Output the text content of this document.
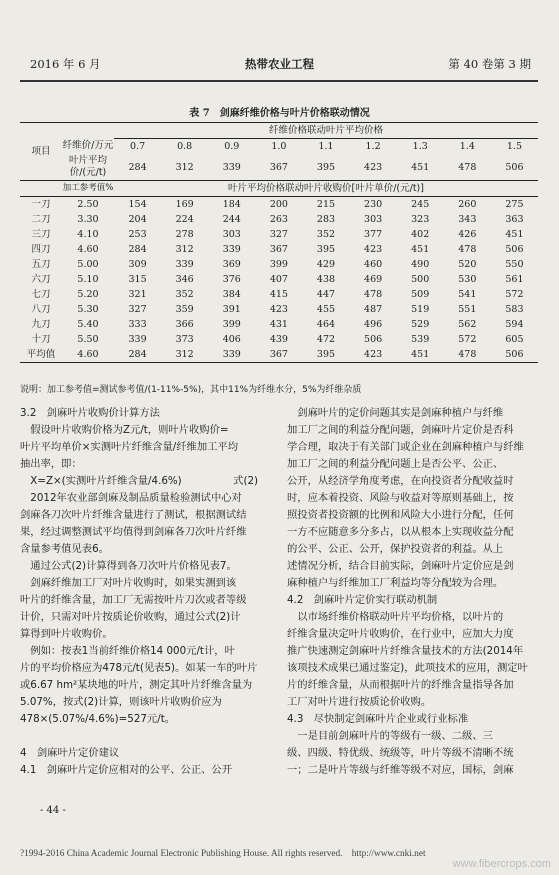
2016 年 6 月	热带农业工程	第 40 卷第 3 期
表 7　剑麻纤维价格与叶片价格联动情况
项目		纤维价格联动叶片平均价格								
	纤维价/万元	0.7	0.8	0.9	1.0	1.1	1.2	1.3	1.4	1.5
	叶片平均价/(元/t)	284	312	339	367	395	423	451	478	506
	加工参考值%	叶片平均价格联动叶片收购价[叶片单价/(元/t)]								
一刀	2.50	154	169	184	200	215	230	245	260	275
二刀	3.30	204	224	244	263	283	303	323	343	363
三刀	4.10	253	278	303	327	352	377	402	426	451
四刀	4.60	284	312	339	367	395	423	451	478	506
五刀	5.00	309	339	369	399	429	460	490	520	550
六刀	5.10	315	346	376	407	438	469	500	530	561
七刀	5.20	321	352	384	415	447	478	509	541	572
八刀	5.30	327	359	391	423	455	487	519	551	583
九刀	5.40	333	366	399	431	464	496	529	562	594
十刀	5.50	339	373	406	439	472	506	539	572	605
平均值	4.60	284	312	339	367	395	423	451	478	506
说明：加工参考值=测试参考值/(1-11%-5%)，其中11%为纤维水分，5%为纤维杂质

3.2　剑麻叶片收购价计算方法

　假设叶片收购价格为Z元/t，则叶片收购价=

叶片平均单价×实测叶片纤维含量/纤维加工平均

抽出率，即：

　X=Z×(实测叶片纤维含量/4.6%)　　　　　式(2)

　2012年农业部剑麻及制品质量检验测试中心对

剑麻各刀次叶片纤维含量进行了测试，根据测试结

果，经过调整测试平均值得到剑麻各刀次叶片纤维

含量参考值见表6。

　通过公式(2)计算得到各刀次叶片价格见表7。

　剑麻纤维加工厂对叶片收购时，如果实测到该

叶片的纤维含量，加工厂无需按叶片刀次或者等级

计价，只需对叶片按质论价收购，通过公式(2)计

算得到叶片收购价。

　例如：按表1当前纤维价格14 000元/t计，叶

片的平均价格应为478元/t(见表5)。如某一车的叶片

或6.67 hm²某块地的叶片，测定其叶片纤维含量为

5.07%，按式(2)计算，则该叶片收购价应为

478×(5.07%/4.6%)=527元/t。

4　剑麻叶片定价建议

4.1　剑麻叶片定价应相对的公平、公正、公开

　剑麻叶片的定价问题其实是剑麻种植户与纤维

加工厂之间的利益分配问题，剑麻叶片定价是否科

学合理，取决于有关部门或企业在剑麻种植户与纤维

加工厂之间的利益分配问题上是否公平、公正、

公开，从经济学角度考虑，在向投资者分配收益时

时，应本着投资、风险与收益对等原则基础上，按

照投资者投资额的比例和风险大小进行分配，任何

一方不应随意多分多占，以从根本上实现收益分配

的公平、公正、公开，保护投资者的利益。从上

述情况分析，结合目前实际，剑麻叶片定价应是剑

麻种植户与纤维加工厂利益均等分配较为合理。

4.2　剑麻叶片定价实行联动机制

　以市场纤维价格联动叶片平均价格，以叶片的

纤维含量决定叶片收购价，在行业中，应加大力度

推广快速测定剑麻叶片纤维含量技术的方法(2014年

该项技术成果已通过鉴定)，此项技术的应用，测定叶

片的纤维含量，从而根据叶片的纤维含量指导各加

工厂对叶片进行按质论价收购。

4.3　尽快制定剑麻叶片企业或行业标准

　一是目前剑麻叶片的等级有一级、二级、三

级、四级、特优级、统级等，叶片等级不清晰不统

一；二是叶片等级与纤维等级不对应，国标，剑麻

- 44 -
?1994-2016 China Academic Journal Electronic Publishing House. All rights reserved.　http://www.cnki.net
www.fibercrops.com
